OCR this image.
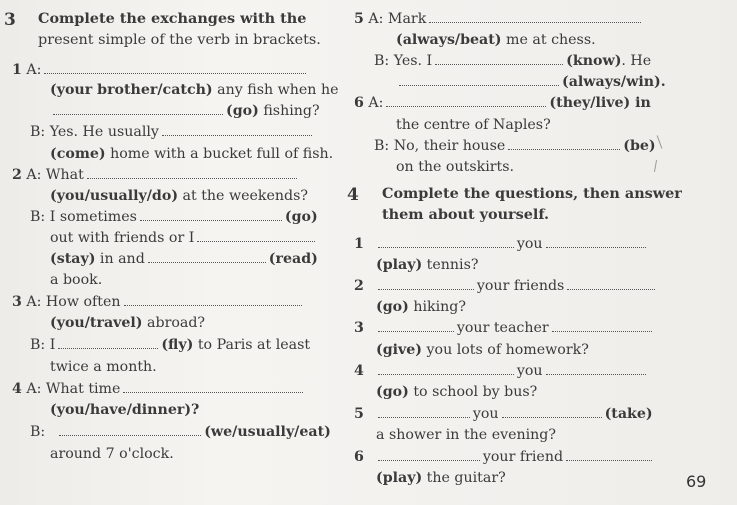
3 Complete the exchanges with the
present simple of the verb in brackets.
1 A:
(your brother/catch) any fish when he
(go) fishing?
B: Yes. He usually
(come) home with a bucket full of fish.
2 A: What
(you/usually/do) at the weekends?
B: I sometimes	(go)
out with friends or I
(stay) in and	(read)
a book.
3 A: How often
(you/travel) abroad?
B: I	(fly) to Paris at least
twice a month.
4 A: What time
(you/have/dinner)?
B:	(we/usually/eat)
around 7 o'clock.
5 A: Mark
(always/beat) me at chess.
B: Yes. I	(know). He
(always/win).
6 A:	(they/live) in
the centre of Naples?
B: No, their house	(be)
on the outskirts.
4 Complete the questions, then answer
them about yourself.
1	you
(play) tennis?
2	your friends
(go) hiking?
3	your teacher
(give) you lots of homework?
4	you
(go) to school by bus?
5	you	(take)
a shower in the evening?
6	your friend
(play) the guitar?	69
